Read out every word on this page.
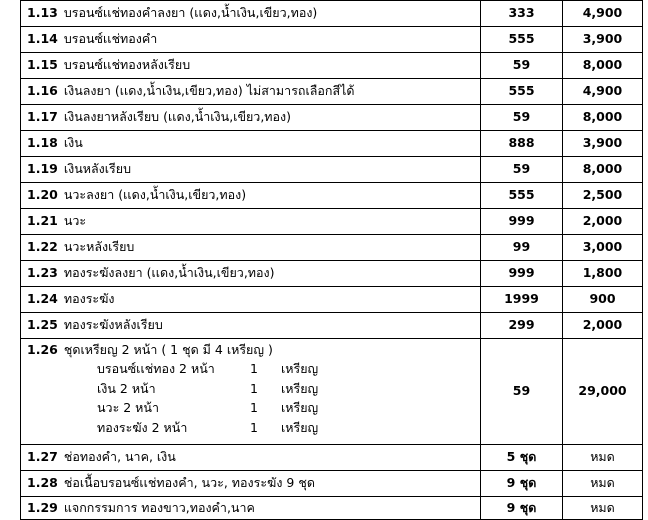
1.13 บรอนซ์เเช่ทองคำลงยา (เเดง,น้ำเงิน,เขียว,ทอง)	333	4,900

1.14 บรอนซ์เเช่ทองคำ	555	3,900

1.15 บรอนซ์เเช่ทองหลังเรียบ	59	8,000

1.16 เงินลงยา (เเดง,น้ำเงิน,เขียว,ทอง) ไม่สามารถเลือกสีได้	555	4,900

1.17 เงินลงยาหลังเรียบ (เเดง,น้ำเงิน,เขียว,ทอง)	59	8,000

1.18 เงิน	888	3,900

1.19 เงินหลังเรียบ	59	8,000

1.20 นวะลงยา (เเดง,น้ำเงิน,เขียว,ทอง)	555	2,500

1.21 นวะ	999	2,000

1.22 นวะหลังเรียบ	99	3,000

1.23 ทองระฆังลงยา (เเดง,น้ำเงิน,เขียว,ทอง)	999	1,800

1.24 ทองระฆัง	1999	900

1.25 ทองระฆังหลังเรียบ	299	2,000

1.26 ชุดเหรียญ 2 หน้า ( 1 ชุด มี 4 เหรียญ )
บรอนซ์เเช่ทอง 2 หน้า 1 เหรียญ
เงิน 2 หน้า 1 เหรียญ
นวะ 2 หน้า 1 เหรียญ
ทองระฆัง 2 หน้า 1 เหรียญ	59	29,000

1.27 ช่อทองคำ, นาค, เงิน	5 ชุด	หมด

1.28 ช่อเนื้อบรอนซ์เเช่ทองคำ, นวะ, ทองระฆัง 9 ชุด	9 ชุด	หมด

1.29 แจกกรรมการ ทองขาว,ทองคำ,นาค	9 ชุด	หมด
